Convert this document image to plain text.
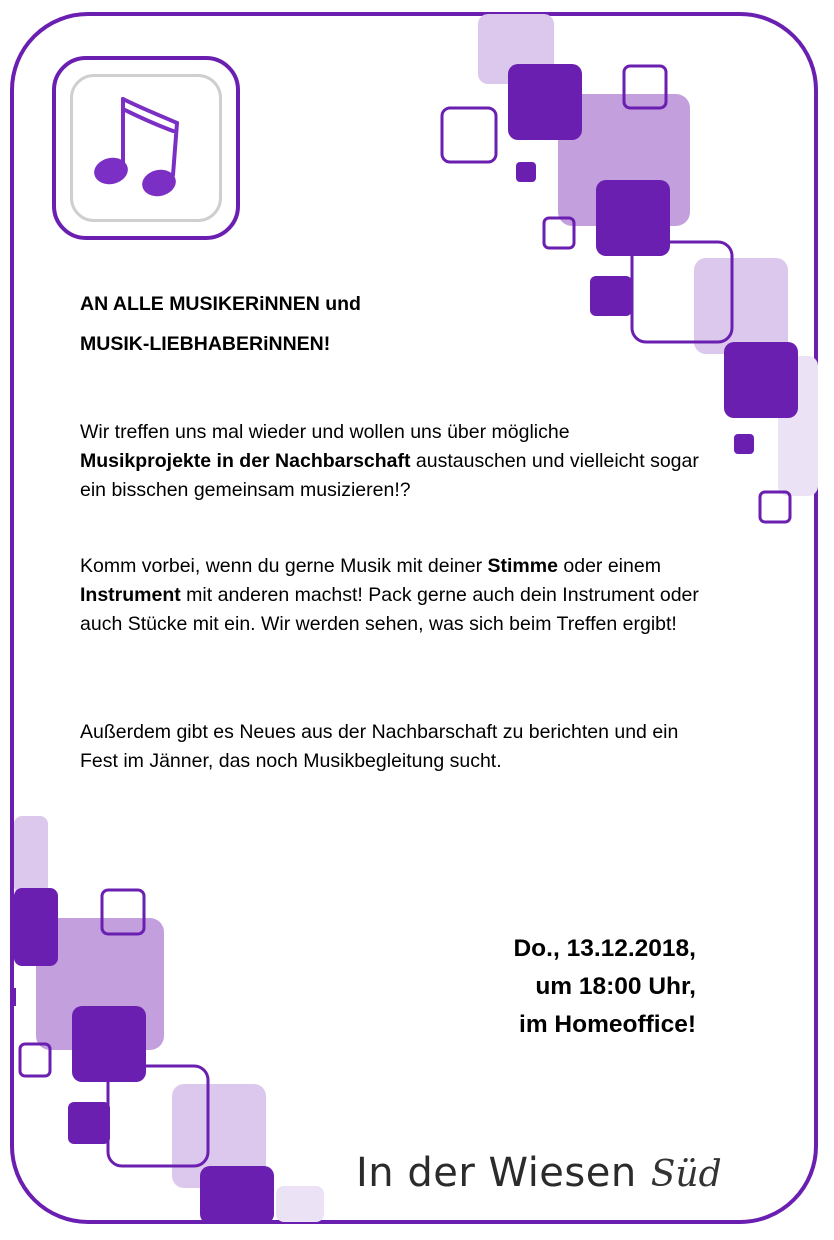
AN ALLE MUSIKERiNNEN und
MUSIK-LIEBHABERiNNEN!

Wir treffen uns mal wieder und wollen uns über mögliche Musikprojekte in der Nachbarschaft austauschen und vielleicht sogar ein bisschen gemeinsam musizieren!?

Komm vorbei, wenn du gerne Musik mit deiner Stimme oder einem Instrument mit anderen machst! Pack gerne auch dein Instrument oder auch Stücke mit ein. Wir werden sehen, was sich beim Treffen ergibt!

Außerdem gibt es Neues aus der Nachbarschaft zu berichten und ein Fest im Jänner, das noch Musikbegleitung sucht.

Do., 13.12.2018,
um 18:00 Uhr,
im Homeoffice!
In der Wiesen Süd
